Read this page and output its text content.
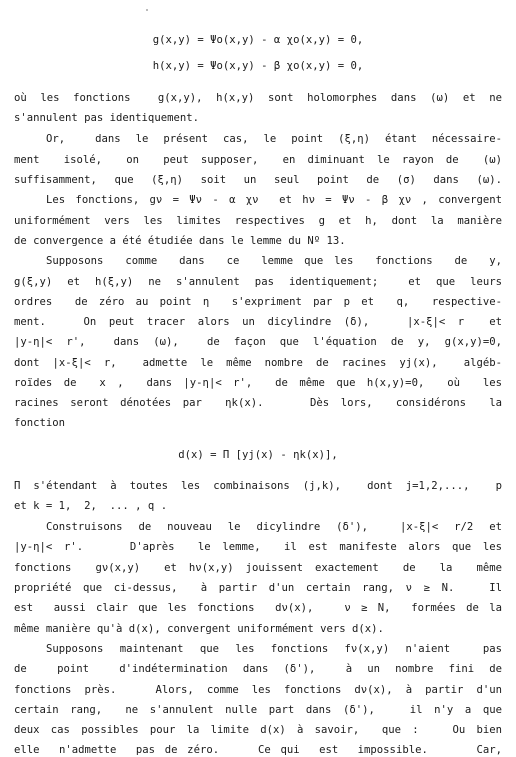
g(x,y) = Ψo(x,y) - α χo(x,y) = 0,
h(x,y) = Ψo(x,y) - β χo(x,y) = 0,
où les fonctions  g(x,y), h(x,y) sont holomorphes dans (ω) et ne
s'annulent pas identiquement.
Or,  dans le présent cas, le point (ξ,η) étant nécessaire-
ment  isolé,  on  peut supposer,  en diminuant le rayon de  (ω)
suffisamment, que (ξ,η) soit un seul point de (σ) dans (ω).
Les fonctions, gν = Ψν - α χν  et hν = Ψν - β χν , convergent
uniformément vers les limites respectives g et h, dont la manière
de convergence a été étudiée dans le lemme du Nº 13.
Supposons  comme  dans  ce  lemme que les  fonctions  de  y,
g(ξ,y) et h(ξ,y) ne s'annulent pas identiquement;  et que leurs
ordres  de zéro au point η  s'expriment par p et  q,  respective-
ment.   On peut tracer alors un dicylindre (δ),   |x-ξ|< r  et
|y-η|< r',  dans (ω),  de façon que l'équation de y, g(x,y)=0,
dont |x-ξ|< r,  admette le même nombre de racines yj(x),  algéb-
roïdes de  x ,  dans |y-η|< r',  de même que h(x,y)=0,  où  les
racines seront dénotées par  ηk(x).    Dès lors,  considérons  la
fonction
d(x) = Π [yj(x) - ηk(x)],
Π s'étendant à toutes les combinaisons (j,k),  dont j=1,2,...,  p
et k = 1,  2,  ... , q .
Construisons de nouveau le dicylindre (δ'),  |x-ξ|< r/2 et
|y-η|< r'.    D'après  le lemme,  il est manifeste alors que les
fonctions  gν(x,y)  et hν(x,y) jouissent exactement  de  la  même
propriété que ci-dessus,  à partir d'un certain rang, ν ≥ N.   Il
est  aussi clair que les fonctions  dν(x),   ν ≥ N,  formées de la
même manière qu'à d(x), convergent uniformément vers d(x).
Supposons maintenant que les fonctions fν(x,y) n'aient  pas
de  point  d'indétermination dans (δ'),  à un nombre fini de
fonctions près.   Alors, comme les fonctions dν(x), à partir d'un
certain rang,  ne s'annulent nulle part dans (δ'),   il n'y a que
deux cas possibles pour la limite d(x) à savoir,  que :   Ou bien
elle  n'admette  pas de zéro.    Ce qui  est  impossible.     Car,
